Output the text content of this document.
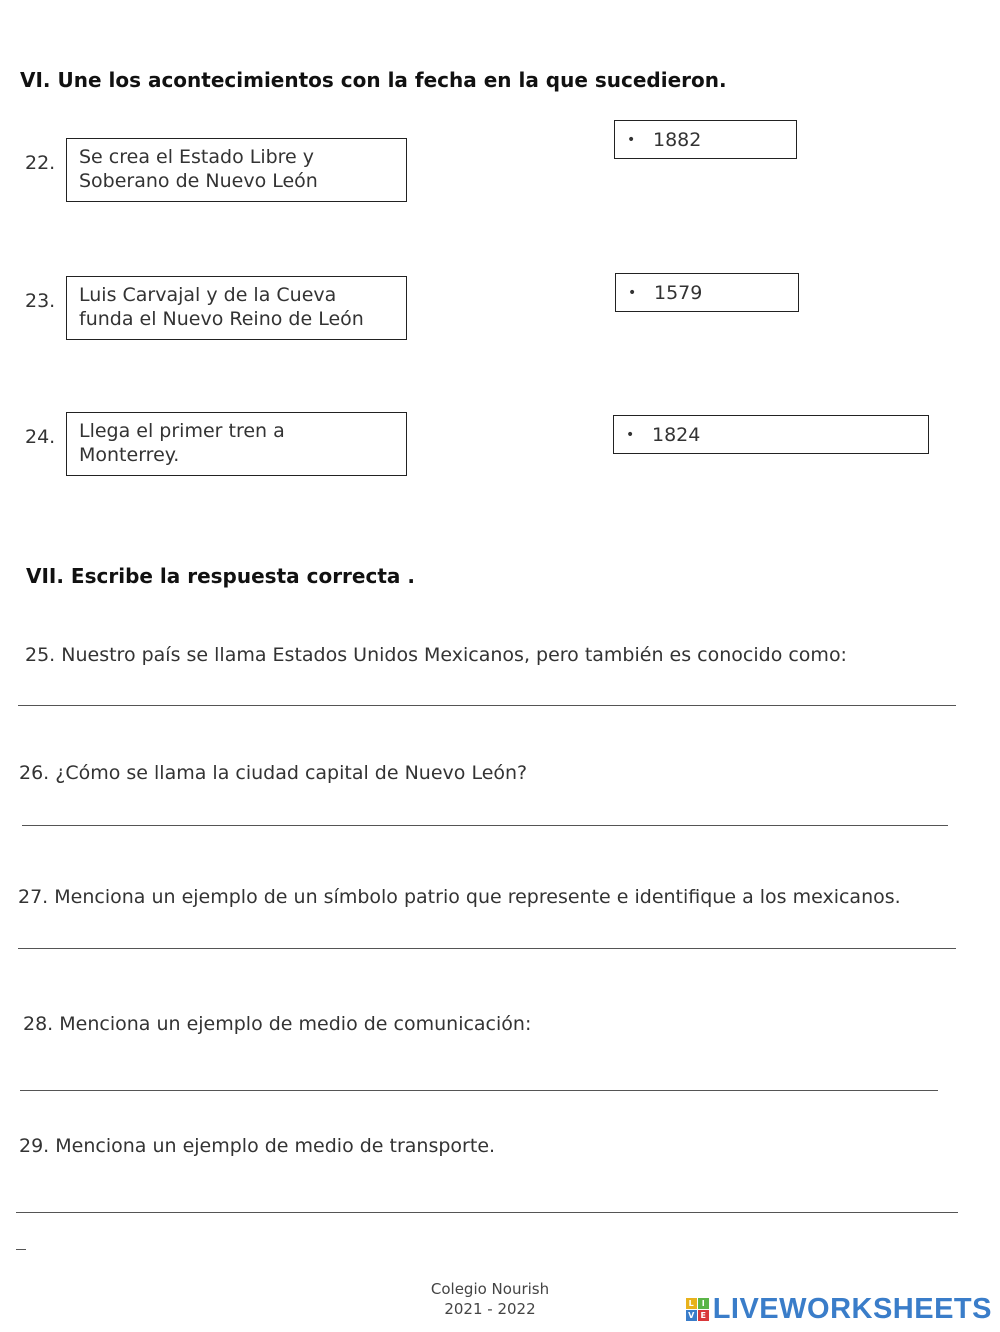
VI. Une los acontecimientos con la fecha en la que sucedieron.
22. Se crea el Estado Libre y
Soberano de Nuevo León
23. Luis Carvajal y de la Cueva
funda el Nuevo Reino de León
24. Llega el primer tren a
Monterrey.
• 1882
• 1579
• 1824
VII. Escribe la respuesta correcta .

25. Nuestro país se llama Estados Unidos Mexicanos, pero también es conocido como:

26. ¿Cómo se llama la ciudad capital de Nuevo León?

27. Menciona un ejemplo de un símbolo patrio que represente e identifique a los mexicanos.

28. Menciona un ejemplo de medio de comunicación:

29. Menciona un ejemplo de medio de transporte.

Colegio Nourish
2021 - 2022	L I
V E LIVEWORKSHEETS
